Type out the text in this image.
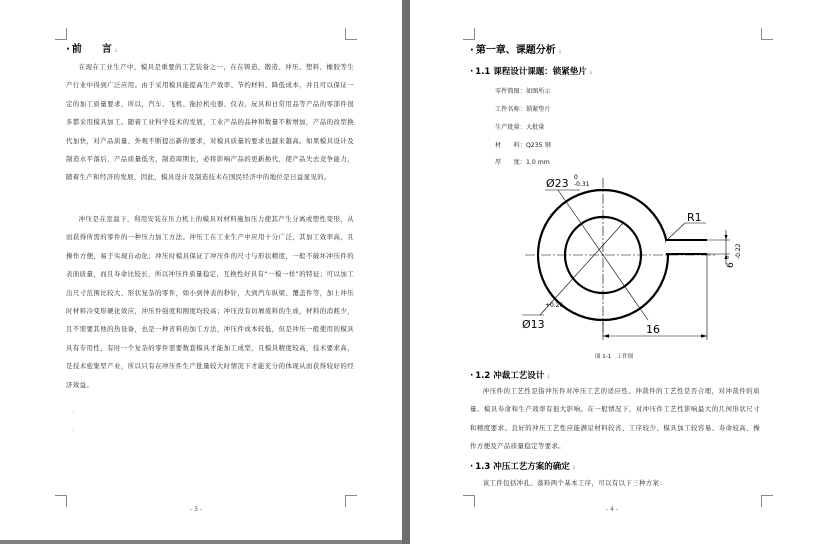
· 前　　言 ↓

在现在工业生产中，模具是重要的工艺装备之一，在在铸造、锻造、冲压、塑料、橡胶等生产行业中得到广泛应用。由于采用模具能提高生产效率、节约材料、降低成本，并且可以保证一定的加工质量要求，所以，汽车、飞机、拖拉机电器、仪表、玩具和日常用品等产品的零部件很多都采用模具加工。随着工业科学技术的发展，工业产品的品种和数量不断增加，产品的改型换代加快，对产品质量、外观不断提出新的要求，对模具质量的要求也越来越高。如果模具设计及制造水平落后，产品质量低劣，制造周期长，必将影响产品的更新换代，使产品失去竞争能力，随着生产和经济的发展，因此，模具设计及制造技术在国民经济中的地位是日益显见的。

冲压是在室温下，利用安装在压力机上的模具对材料施加压力使其产生分离或塑性变形，从而获得所需的零件的一种压力加工方法。冲压工在工业生产中应用十分广泛，其加工效率高，且操作方便，易于实现自动化；冲压时模具保证了冲压件的尺寸与形状精度，一般不破坏冲压件的表面质量，而且寿命比较长，所以冲压件质量稳定，互换性好具有“一模一样”的特征；可以加工出尺寸范围比较大、形状复杂的零件，如小到钟表的秒针，大到汽车纵梁、覆盖件等，加上冲压时材料冷变形硬化效应，冲压件强度和刚度均较高；冲压没有切屑废料的生成，材料的消耗少，且不需要其他的热设备，也是一种省料的加工方法，冲压件成本较低，但是冲压一般使用的模具具有专用性，有时一个复杂的零件需要数套模具才能加工成型，且模具精度较高，技术要求高，是技术密集型产业，所以只有在冲压件生产批量较大时情况下才能充分的体现从而获得较好的经济效益。

.
.
- 3 -
· 第一章、课题分析 ↓
· 1.1 课程设计课题：锁紧垫片 ↓
零件简图：如图所示
工件名称：锁紧垫片
生产批量：大批量
材　　料：Q235 钢
厚　　度：1.0 mm
Ø23 0
-0.31
Ø13
+0.26
R1
6
0 -0.22
16
图 1-1　工件图
· 1.2 冲裁工艺设计 ↓

冲压件的工艺性是指冲压件对冲压工艺的适应性。冲裁件的工艺性是否合理，对冲裁件的质量、模具寿命和生产效率有很大影响。在一般情况下，对冲压件工艺性影响最大的几何形状尺寸和精度要求。良好的冲压工艺性应能满足材料较省、工序较少、模具加工较容易、寿命较高、操作方便及产品质量稳定等要求。

· 1.3 冲压工艺方案的确定 ↓

该工件包括冲孔、落料两个基本工序，可以有以下三种方案：

- 4 -
